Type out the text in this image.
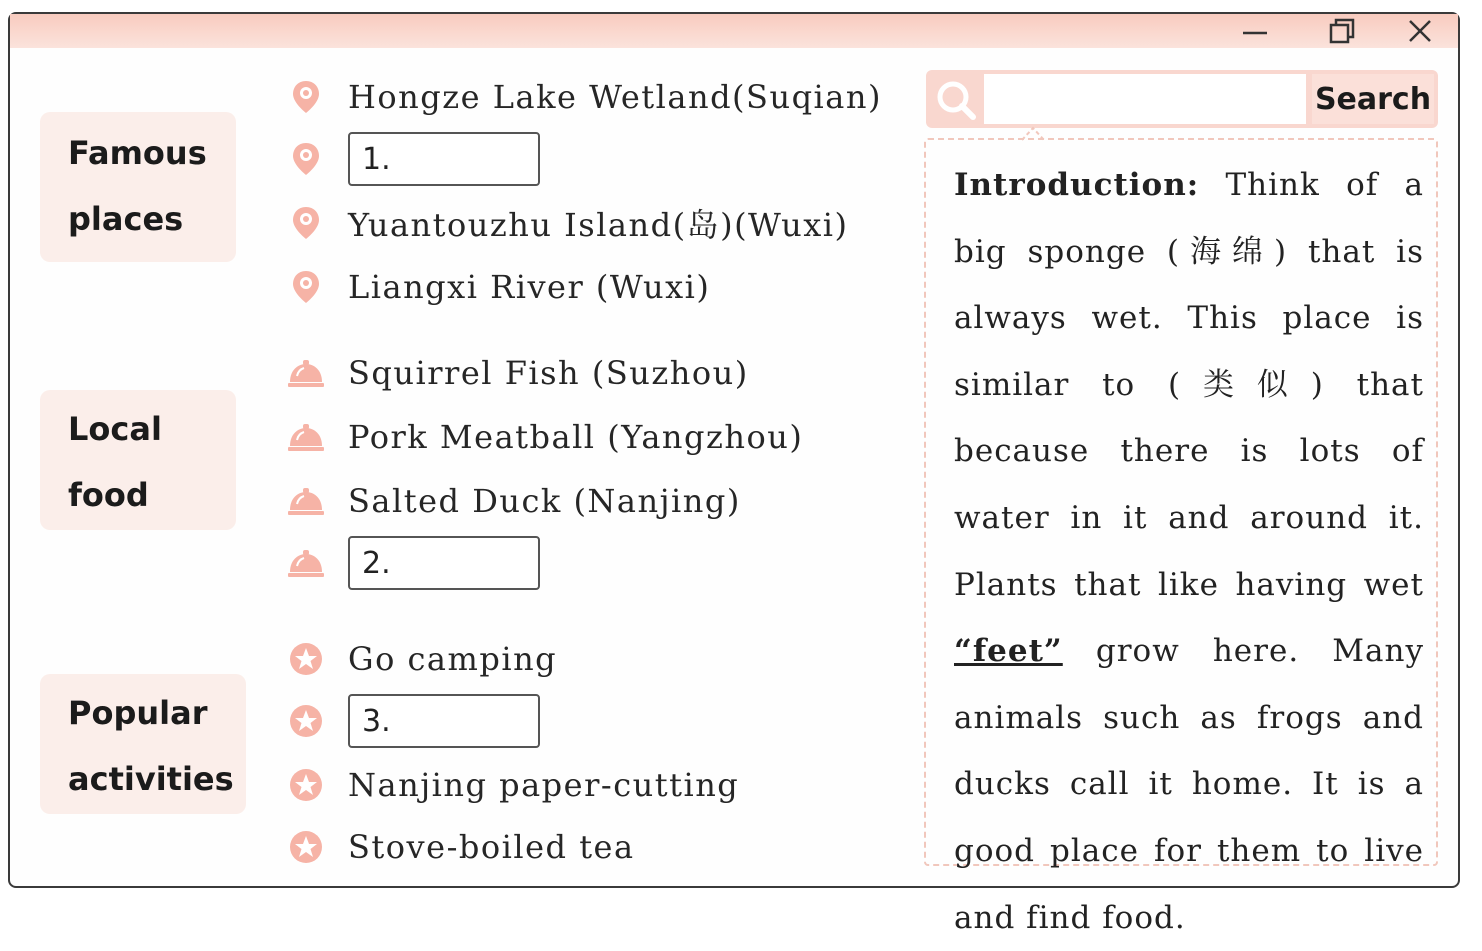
Famous
places
Local
food
Popular
activities
Hongze Lake Wetland(Suqian)
1.
Yuantouzhu Island(岛)(Wuxi)
Liangxi River (Wuxi)
Squirrel Fish (Suzhou)
Pork Meatball (Yangzhou)
Salted Duck (Nanjing)
2.
Go camping
3.
Nanjing paper-cutting
Stove-boiled tea
Search
Introduction: Think of a big sponge (海绵) that is always wet. This place is similar to (类似) that because there is lots of water in it and around it. Plants that like having wet “feet” grow here. Many animals such as frogs and ducks call it home. It is a good place for them to live and find food.
